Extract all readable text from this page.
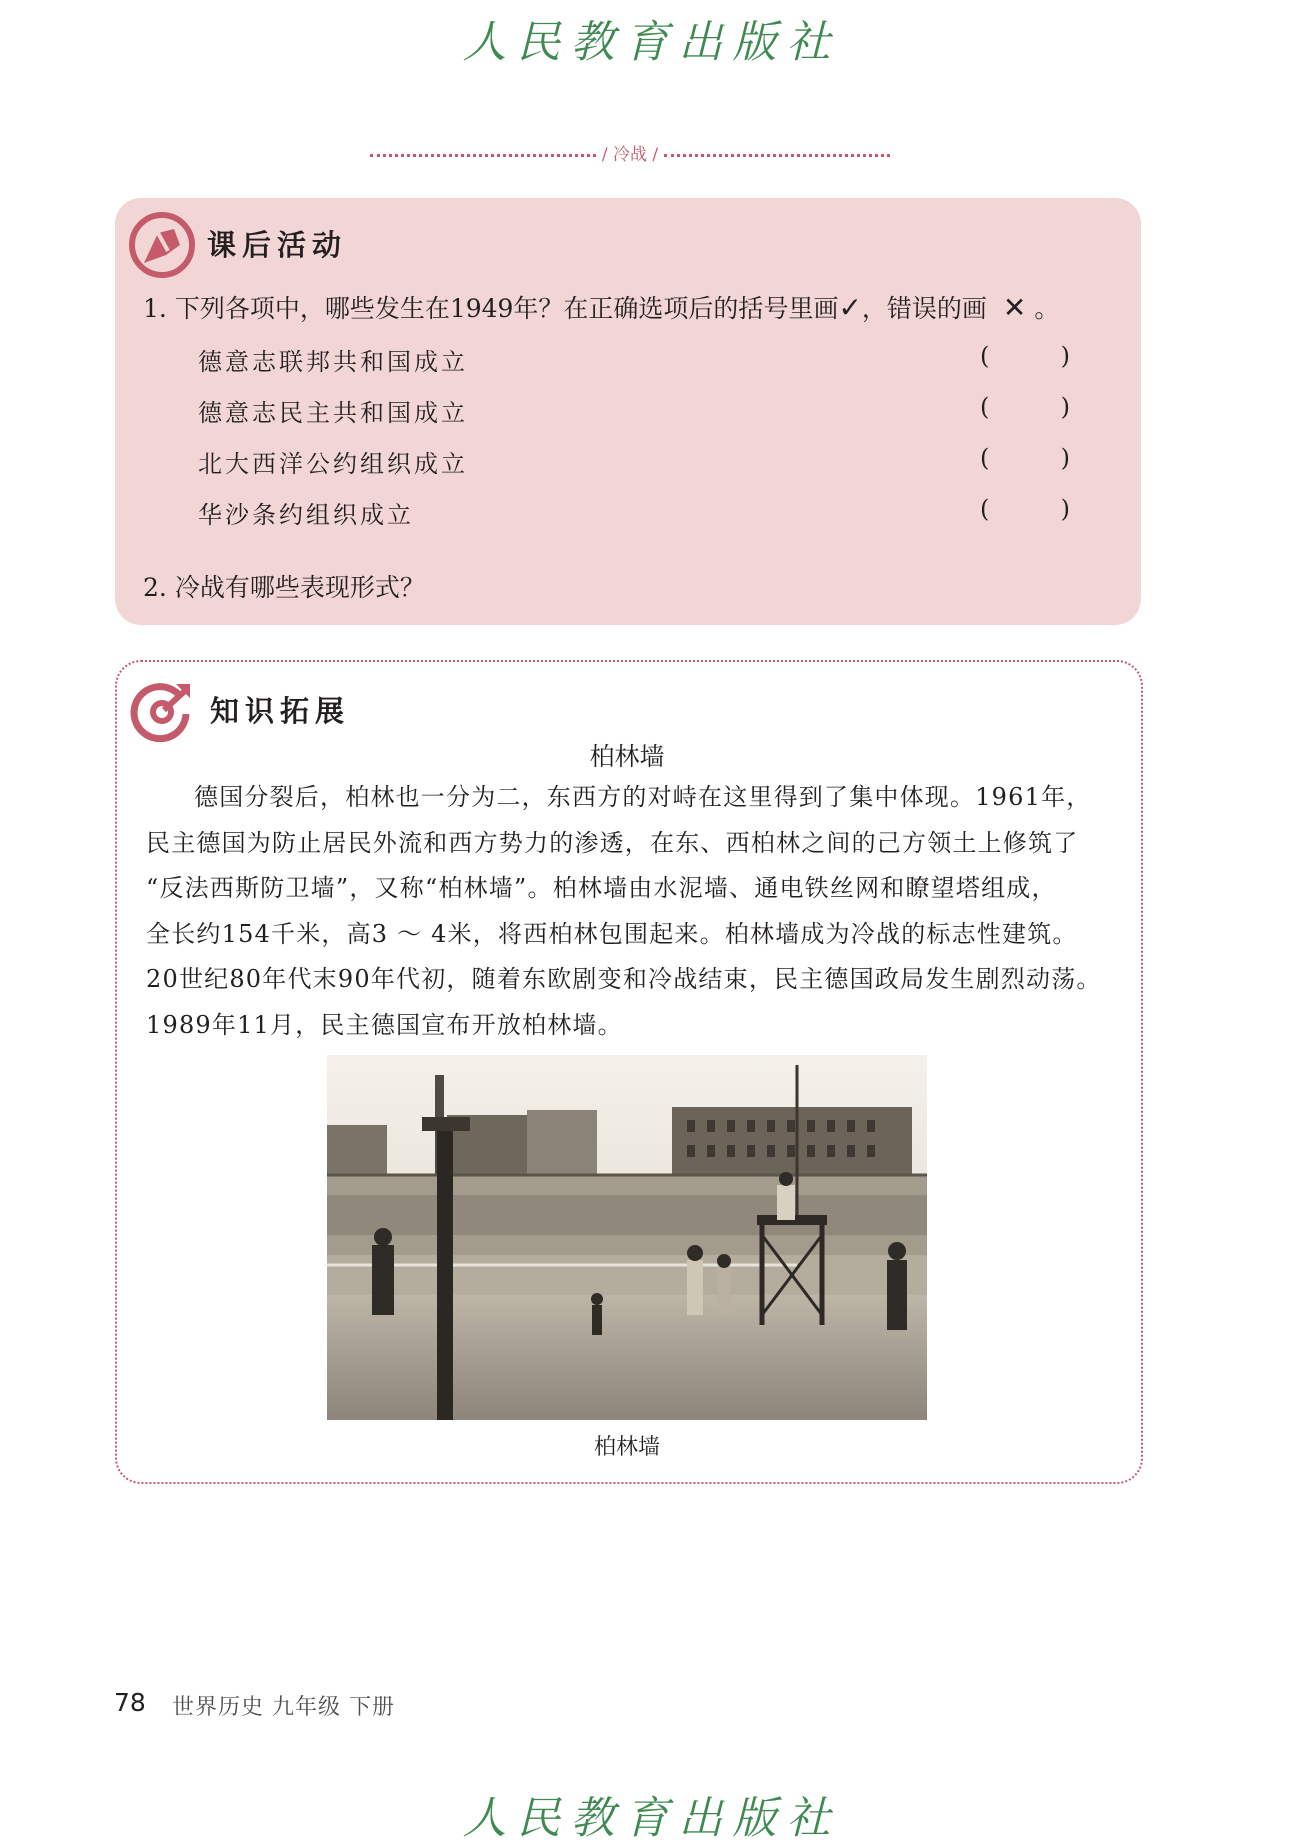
人民教育出版社
/ 冷战 /
课后活动
1. 下列各项中，哪些发生在1949年？在正确选项后的括号里画✓，错误的画 ✕ 。
德意志联邦共和国成立	(	)
德意志民主共和国成立	(	)
北大西洋公约组织成立	(	)
华沙条约组织成立	(	)
2. 冷战有哪些表现形式？
知识拓展
柏林墙
德国分裂后，柏林也一分为二，东西方的对峙在这里得到了集中体现。1961年，
民主德国为防止居民外流和西方势力的渗透，在东、西柏林之间的己方领土上修筑了
“反法西斯防卫墙”，又称“柏林墙”。柏林墙由水泥墙、通电铁丝网和瞭望塔组成，
全长约154千米，高3 ～ 4米，将西柏林包围起来。柏林墙成为冷战的标志性建筑。
20世纪80年代末90年代初，随着东欧剧变和冷战结束，民主德国政局发生剧烈动荡。
1989年11月，民主德国宣布开放柏林墙。
柏林墙
78 世界历史 九年级 下册
人民教育出版社
